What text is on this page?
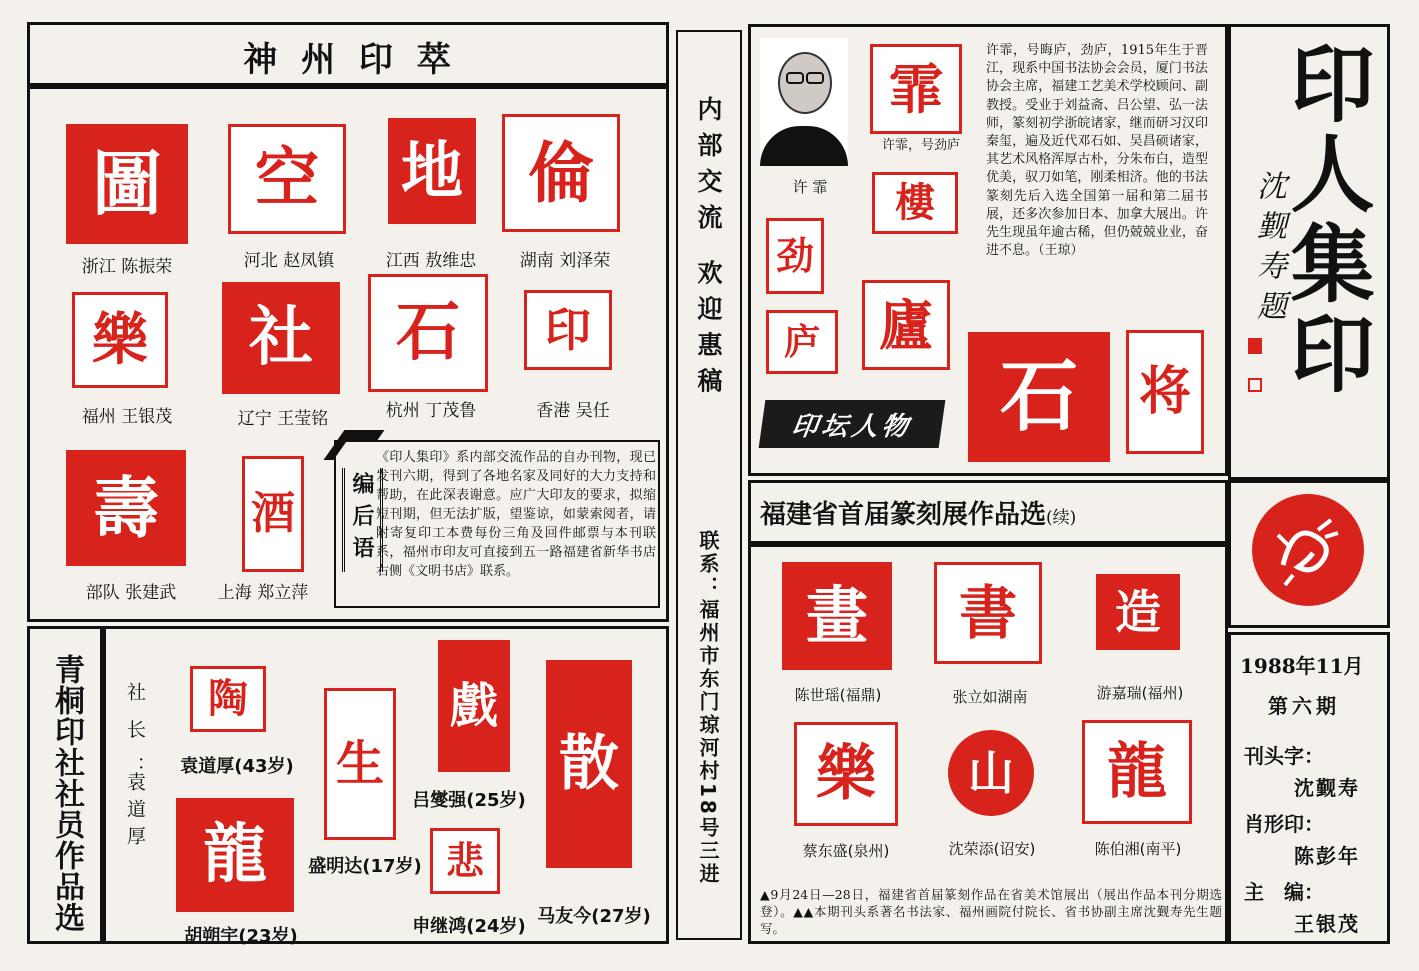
神 州 印 萃
圖 空 地 倫
浙江 陈振荣	河北 赵凤镇	江西 敖维忠	湖南 刘泽荣
樂 社 石 印
福州 王银茂	辽宁 王莹铭	杭州 丁茂鲁	香港 吴任
壽 酒
部队 张建武	上海 郑立萍
编后语
《印人集印》系内部交流作品的自办刊物，现已发刊六期，得到了各地名家及同好的大力支持和帮助，在此深表谢意。应广大印友的要求，拟缩短刊期，但无法扩版，望鉴谅，如蒙索阅者，请附寄复印工本费每份三角及回件邮票与本刊联系，福州市印友可直接到五一路福建省新华书店右侧《文明书店》联系。
青桐印社社员作品选 社 长 ：
袁道厚
陶
袁道厚(43岁) 生
盛明达(17岁)
戲
吕燮强(25岁)
散
马友今(27岁)
龍
胡朔宇(23岁)
悲
申继鸿(24岁)
内部交流 欢迎惠稿
联系：福州市东门琼河村18号三进
许 霏
霏
许霏，号劲庐
樓
劲
庐 廬
许霏，号晦庐，劲庐，1915年生于晋江，现系中国书法协会会员，厦门书法协会主席，福建工艺美术学校顾问、副教授。受业于刘益斋、吕公望、弘一法师，篆刻初学浙皖诸家，继而研习汉印秦玺，遍及近代邓石如、吴昌硕诸家，其艺术风格浑厚古朴，分朱布白，造型优美，驭刀如笔，刚柔相济。他的书法篆刻先后入选全国第一届和第二届书展，还多次参加日本、加拿大展出。许先生现虽年逾古稀，但仍兢兢业业，奋进不息。（王琼）
印坛人物 石 将
福建省首届篆刻展作品选(续)
畫 書 造
陈世瑶(福鼎)	张立如湖南	游嘉瑞(福州)
樂 山 龍
蔡东盛(泉州)	沈荣添(诏安)	陈伯湘(南平)
▲9月24日—28日，福建省首届篆刻作品在省美术馆展出（展出作品本刊分期选登）。▲▲本期刊头系著名书法家、福州画院付院长、省书协副主席沈觐寿先生题写。
印人集印
沈觐寿题
1988年11月
第六期
刊头字：
沈觐寿
肖形印：
陈彭年
主　编：
王银茂
